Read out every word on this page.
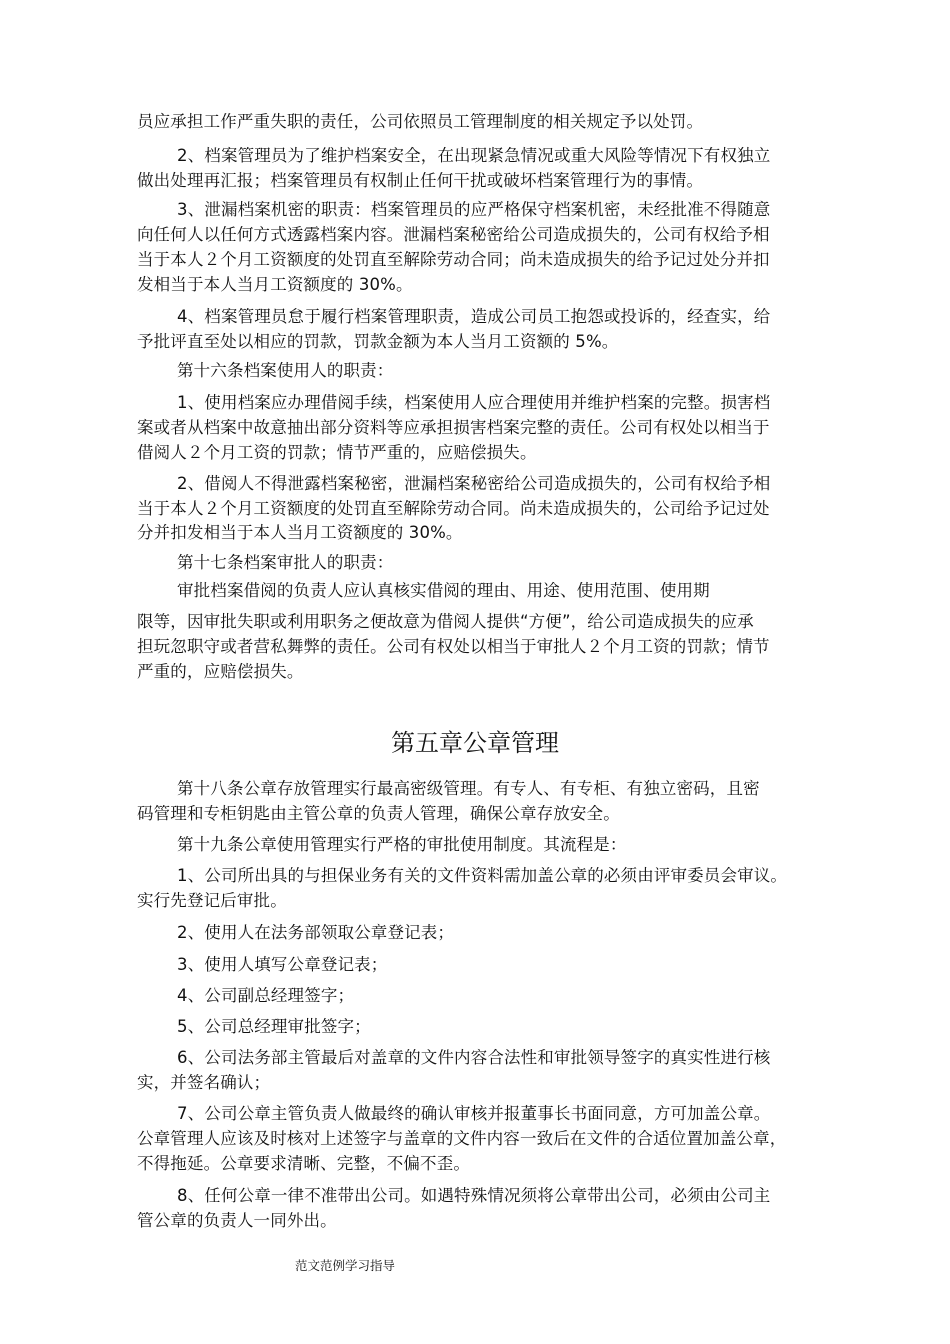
员应承担工作严重失职的责任，公司依照员工管理制度的相关规定予以处罚。
2、档案管理员为了维护档案安全，在出现紧急情况或重大风险等情况下有权独立
做出处理再汇报；档案管理员有权制止任何干扰或破坏档案管理行为的事情。
3、泄漏档案机密的职责：档案管理员的应严格保守档案机密，未经批准不得随意
向任何人以任何方式透露档案内容。泄漏档案秘密给公司造成损失的，公司有权给予相
当于本人２个月工资额度的处罚直至解除劳动合同；尚未造成损失的给予记过处分并扣
发相当于本人当月工资额度的 30%。
4、档案管理员怠于履行档案管理职责，造成公司员工抱怨或投诉的，经查实，给
予批评直至处以相应的罚款，罚款金额为本人当月工资额的 5%。
第十六条档案使用人的职责：
1、使用档案应办理借阅手续，档案使用人应合理使用并维护档案的完整。损害档
案或者从档案中故意抽出部分资料等应承担损害档案完整的责任。公司有权处以相当于
借阅人２个月工资的罚款；情节严重的，应赔偿损失。
2、借阅人不得泄露档案秘密，泄漏档案秘密给公司造成损失的，公司有权给予相
当于本人２个月工资额度的处罚直至解除劳动合同。尚未造成损失的，公司给予记过处
分并扣发相当于本人当月工资额度的 30%。
第十七条档案审批人的职责：
审批档案借阅的负责人应认真核实借阅的理由、用途、使用范围、使用期
限等，因审批失职或利用职务之便故意为借阅人提供“方便”，给公司造成损失的应承
担玩忽职守或者营私舞弊的责任。公司有权处以相当于审批人２个月工资的罚款；情节
严重的，应赔偿损失。
第五章公章管理
第十八条公章存放管理实行最高密级管理。有专人、有专柜、有独立密码，且密
码管理和专柜钥匙由主管公章的负责人管理，确保公章存放安全。
第十九条公章使用管理实行严格的审批使用制度。其流程是：
1、公司所出具的与担保业务有关的文件资料需加盖公章的必须由评审委员会审议。
实行先登记后审批。
2、使用人在法务部领取公章登记表；
3、使用人填写公章登记表；
4、公司副总经理签字；
5、公司总经理审批签字；
6、公司法务部主管最后对盖章的文件内容合法性和审批领导签字的真实性进行核
实，并签名确认；
7、公司公章主管负责人做最终的确认审核并报董事长书面同意，方可加盖公章。
公章管理人应该及时核对上述签字与盖章的文件内容一致后在文件的合适位置加盖公章，
不得拖延。公章要求清晰、完整，不偏不歪。
8、任何公章一律不准带出公司。如遇特殊情况须将公章带出公司，必须由公司主
管公章的负责人一同外出。
范文范例学习指导
